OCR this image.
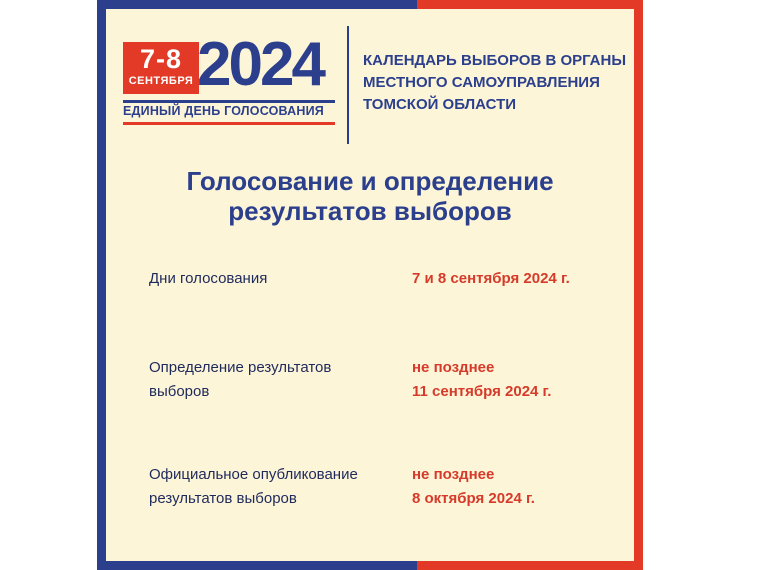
7-8
СЕНТЯБРЯ 2024
ЕДИНЫЙ ДЕНЬ ГОЛОСОВАНИЯ
КАЛЕНДАРЬ ВЫБОРОВ В ОРГАНЫ
МЕСТНОГО САМОУПРАВЛЕНИЯ
ТОМСКОЙ ОБЛАСТИ
Голосование и определение
результатов выборов
Дни голосования	7 и 8 сентября 2024 г.
Определение результатов
выборов
не позднее
11 сентября 2024 г.
Официальное опубликование
результатов выборов
не позднее
8 октября 2024 г.
